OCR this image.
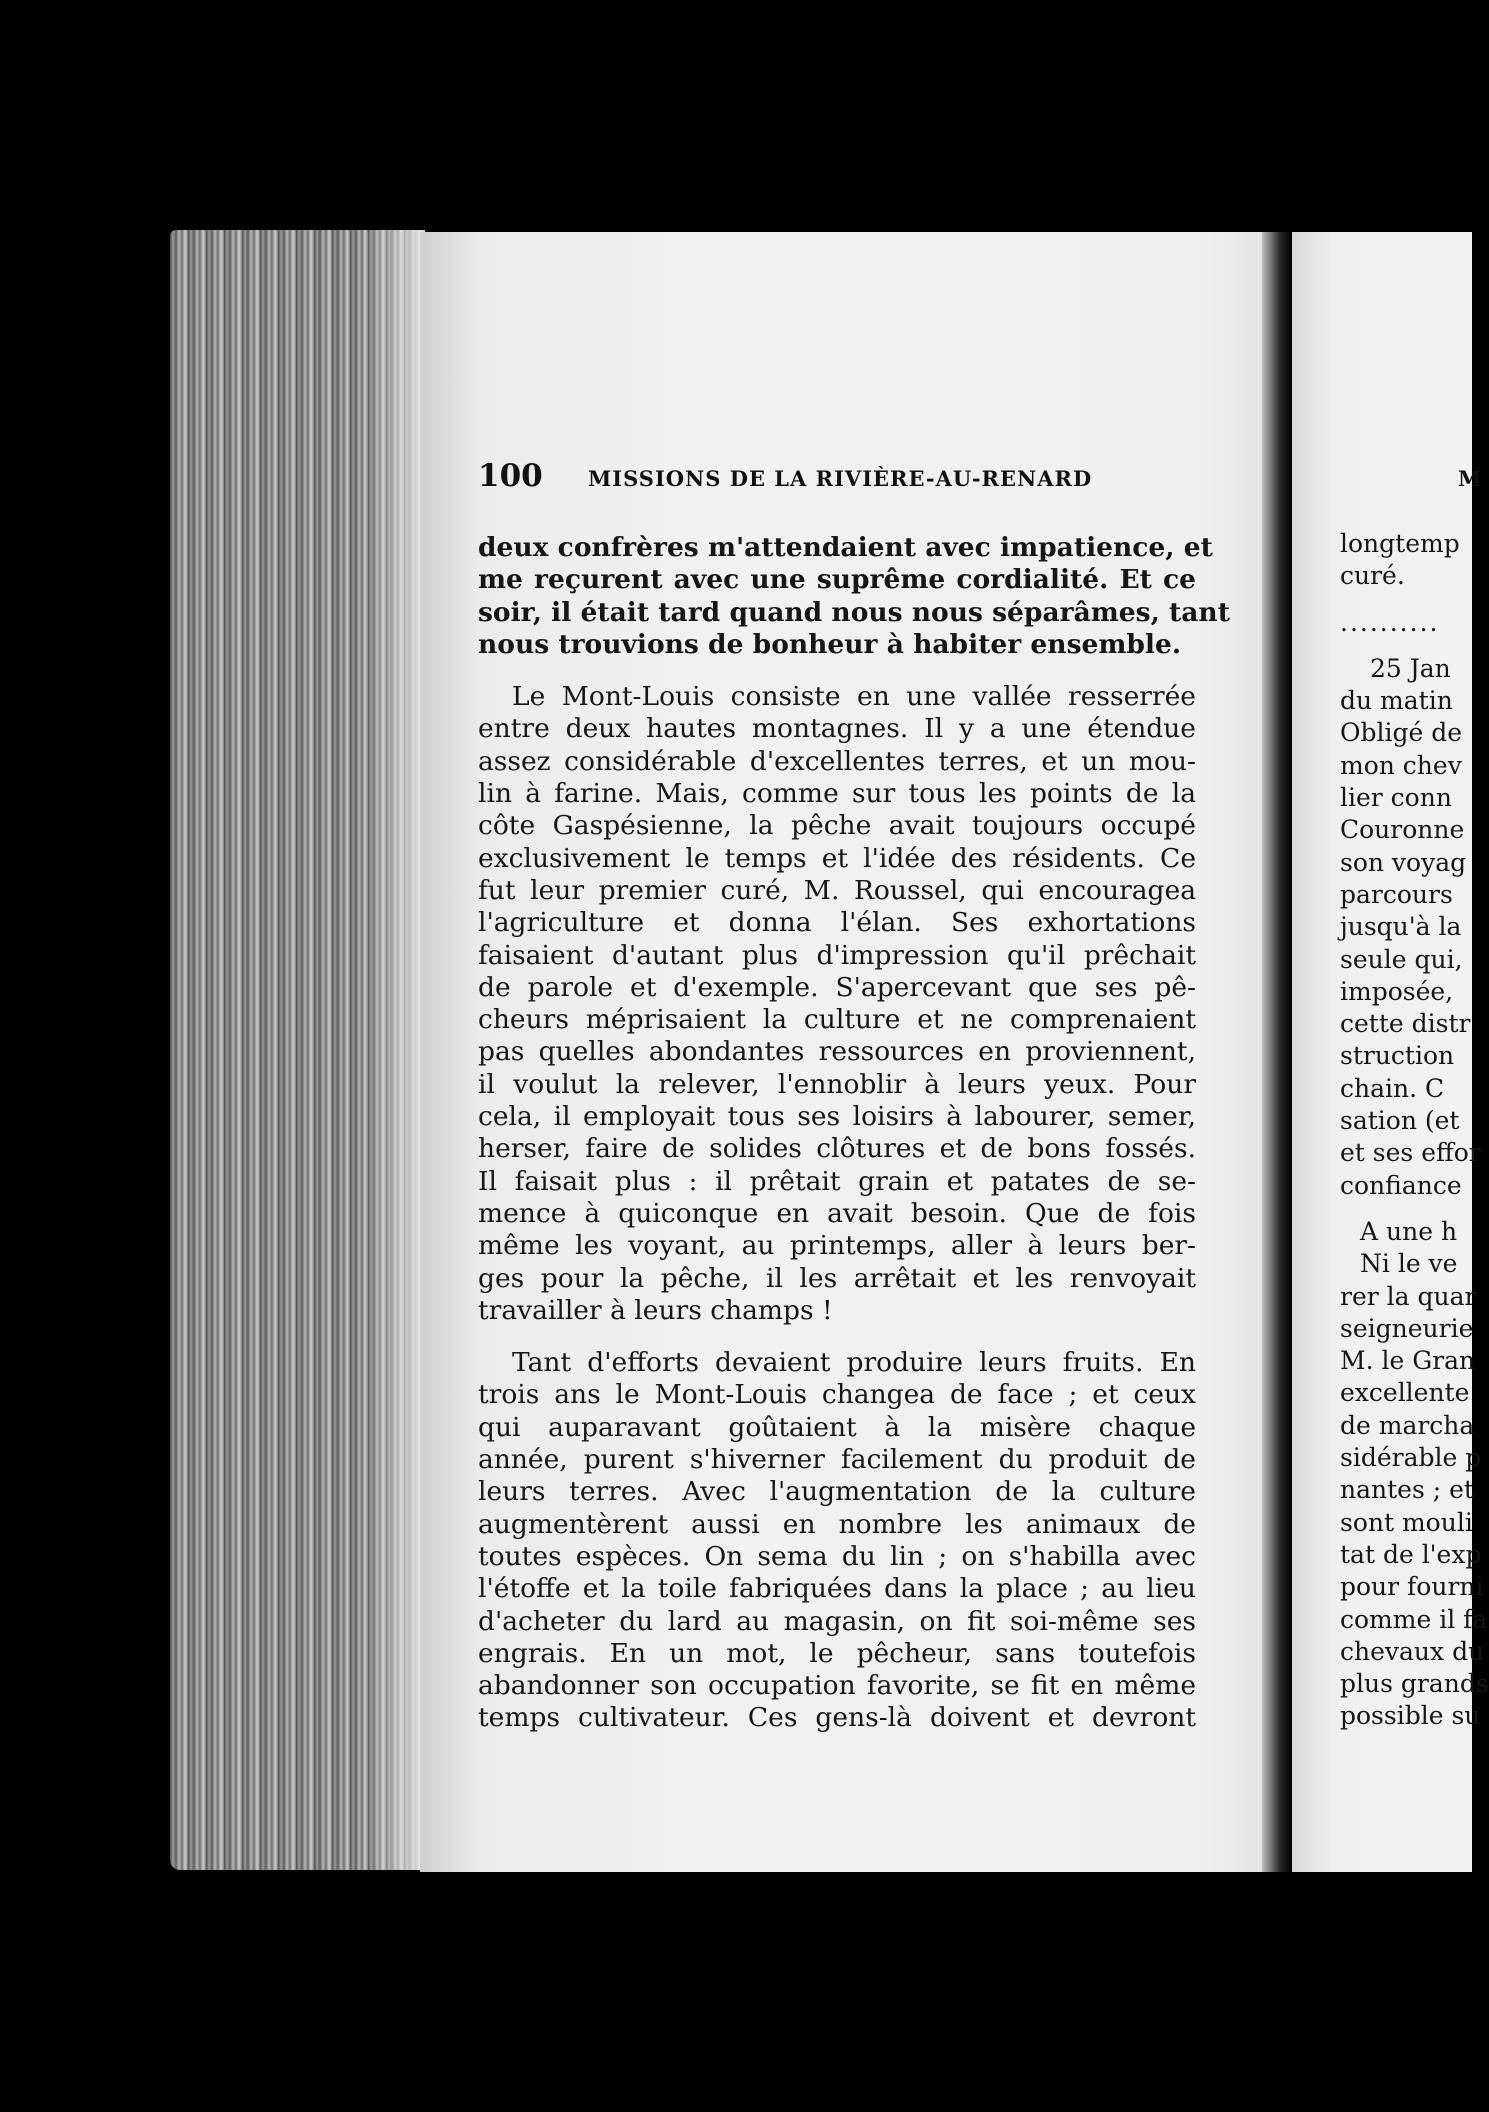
100 MISSIONS DE LA RIVIÈRE-AU-RENARD

deux confrères m'attendaient avec impatience, et
me reçurent avec une suprême cordialité. Et ce
soir, il était tard quand nous nous séparâmes, tant
nous trouvions de bonheur à habiter ensemble.

Le Mont-Louis consiste en une vallée resserrée
entre deux hautes montagnes. Il y a une étendue
assez considérable d'excellentes terres, et un mou-
lin à farine. Mais, comme sur tous les points de la
côte Gaspésienne, la pêche avait toujours occupé
exclusivement le temps et l'idée des résidents. Ce
fut leur premier curé, M. Roussel, qui encouragea
l'agriculture et donna l'élan. Ses exhortations
faisaient d'autant plus d'impression qu'il prêchait
de parole et d'exemple. S'apercevant que ses pê-
cheurs méprisaient la culture et ne comprenaient
pas quelles abondantes ressources en proviennent,
il voulut la relever, l'ennoblir à leurs yeux. Pour
cela, il employait tous ses loisirs à labourer, semer,
herser, faire de solides clôtures et de bons fossés.
Il faisait plus : il prêtait grain et patates de se-
mence à quiconque en avait besoin. Que de fois
même les voyant, au printemps, aller à leurs ber-
ges pour la pêche, il les arrêtait et les renvoyait
travailler à leurs champs !

Tant d'efforts devaient produire leurs fruits. En
trois ans le Mont-Louis changea de face ; et ceux
qui auparavant goûtaient à la misère chaque
année, purent s'hiverner facilement du produit de
leurs terres. Avec l'augmentation de la culture
augmentèrent aussi en nombre les animaux de
toutes espèces. On sema du lin ; on s'habilla avec
l'étoffe et la toile fabriquées dans la place ; au lieu
d'acheter du lard au magasin, on fit soi-même ses
engrais. En un mot, le pêcheur, sans toutefois
abandonner son occupation favorite, se fit en même
temps cultivateur. Ces gens-là doivent et devront

M
longtemp
curé.
..........
25 Jan
du matin
Obligé de
mon chev
lier conn
Couronne
son voyag
parcours
jusqu'à la
seule qui,
imposée,
cette distr
struction
chain. C
sation (et
et ses effor
confiance
A une h
Ni le ve
rer la quar
seigneurie
M. le Gran
excellente
de marcha
sidérable p
nantes ; et
sont mouli
tat de l'exp
pour fourni
comme il fa
chevaux du
plus grands
possible su
